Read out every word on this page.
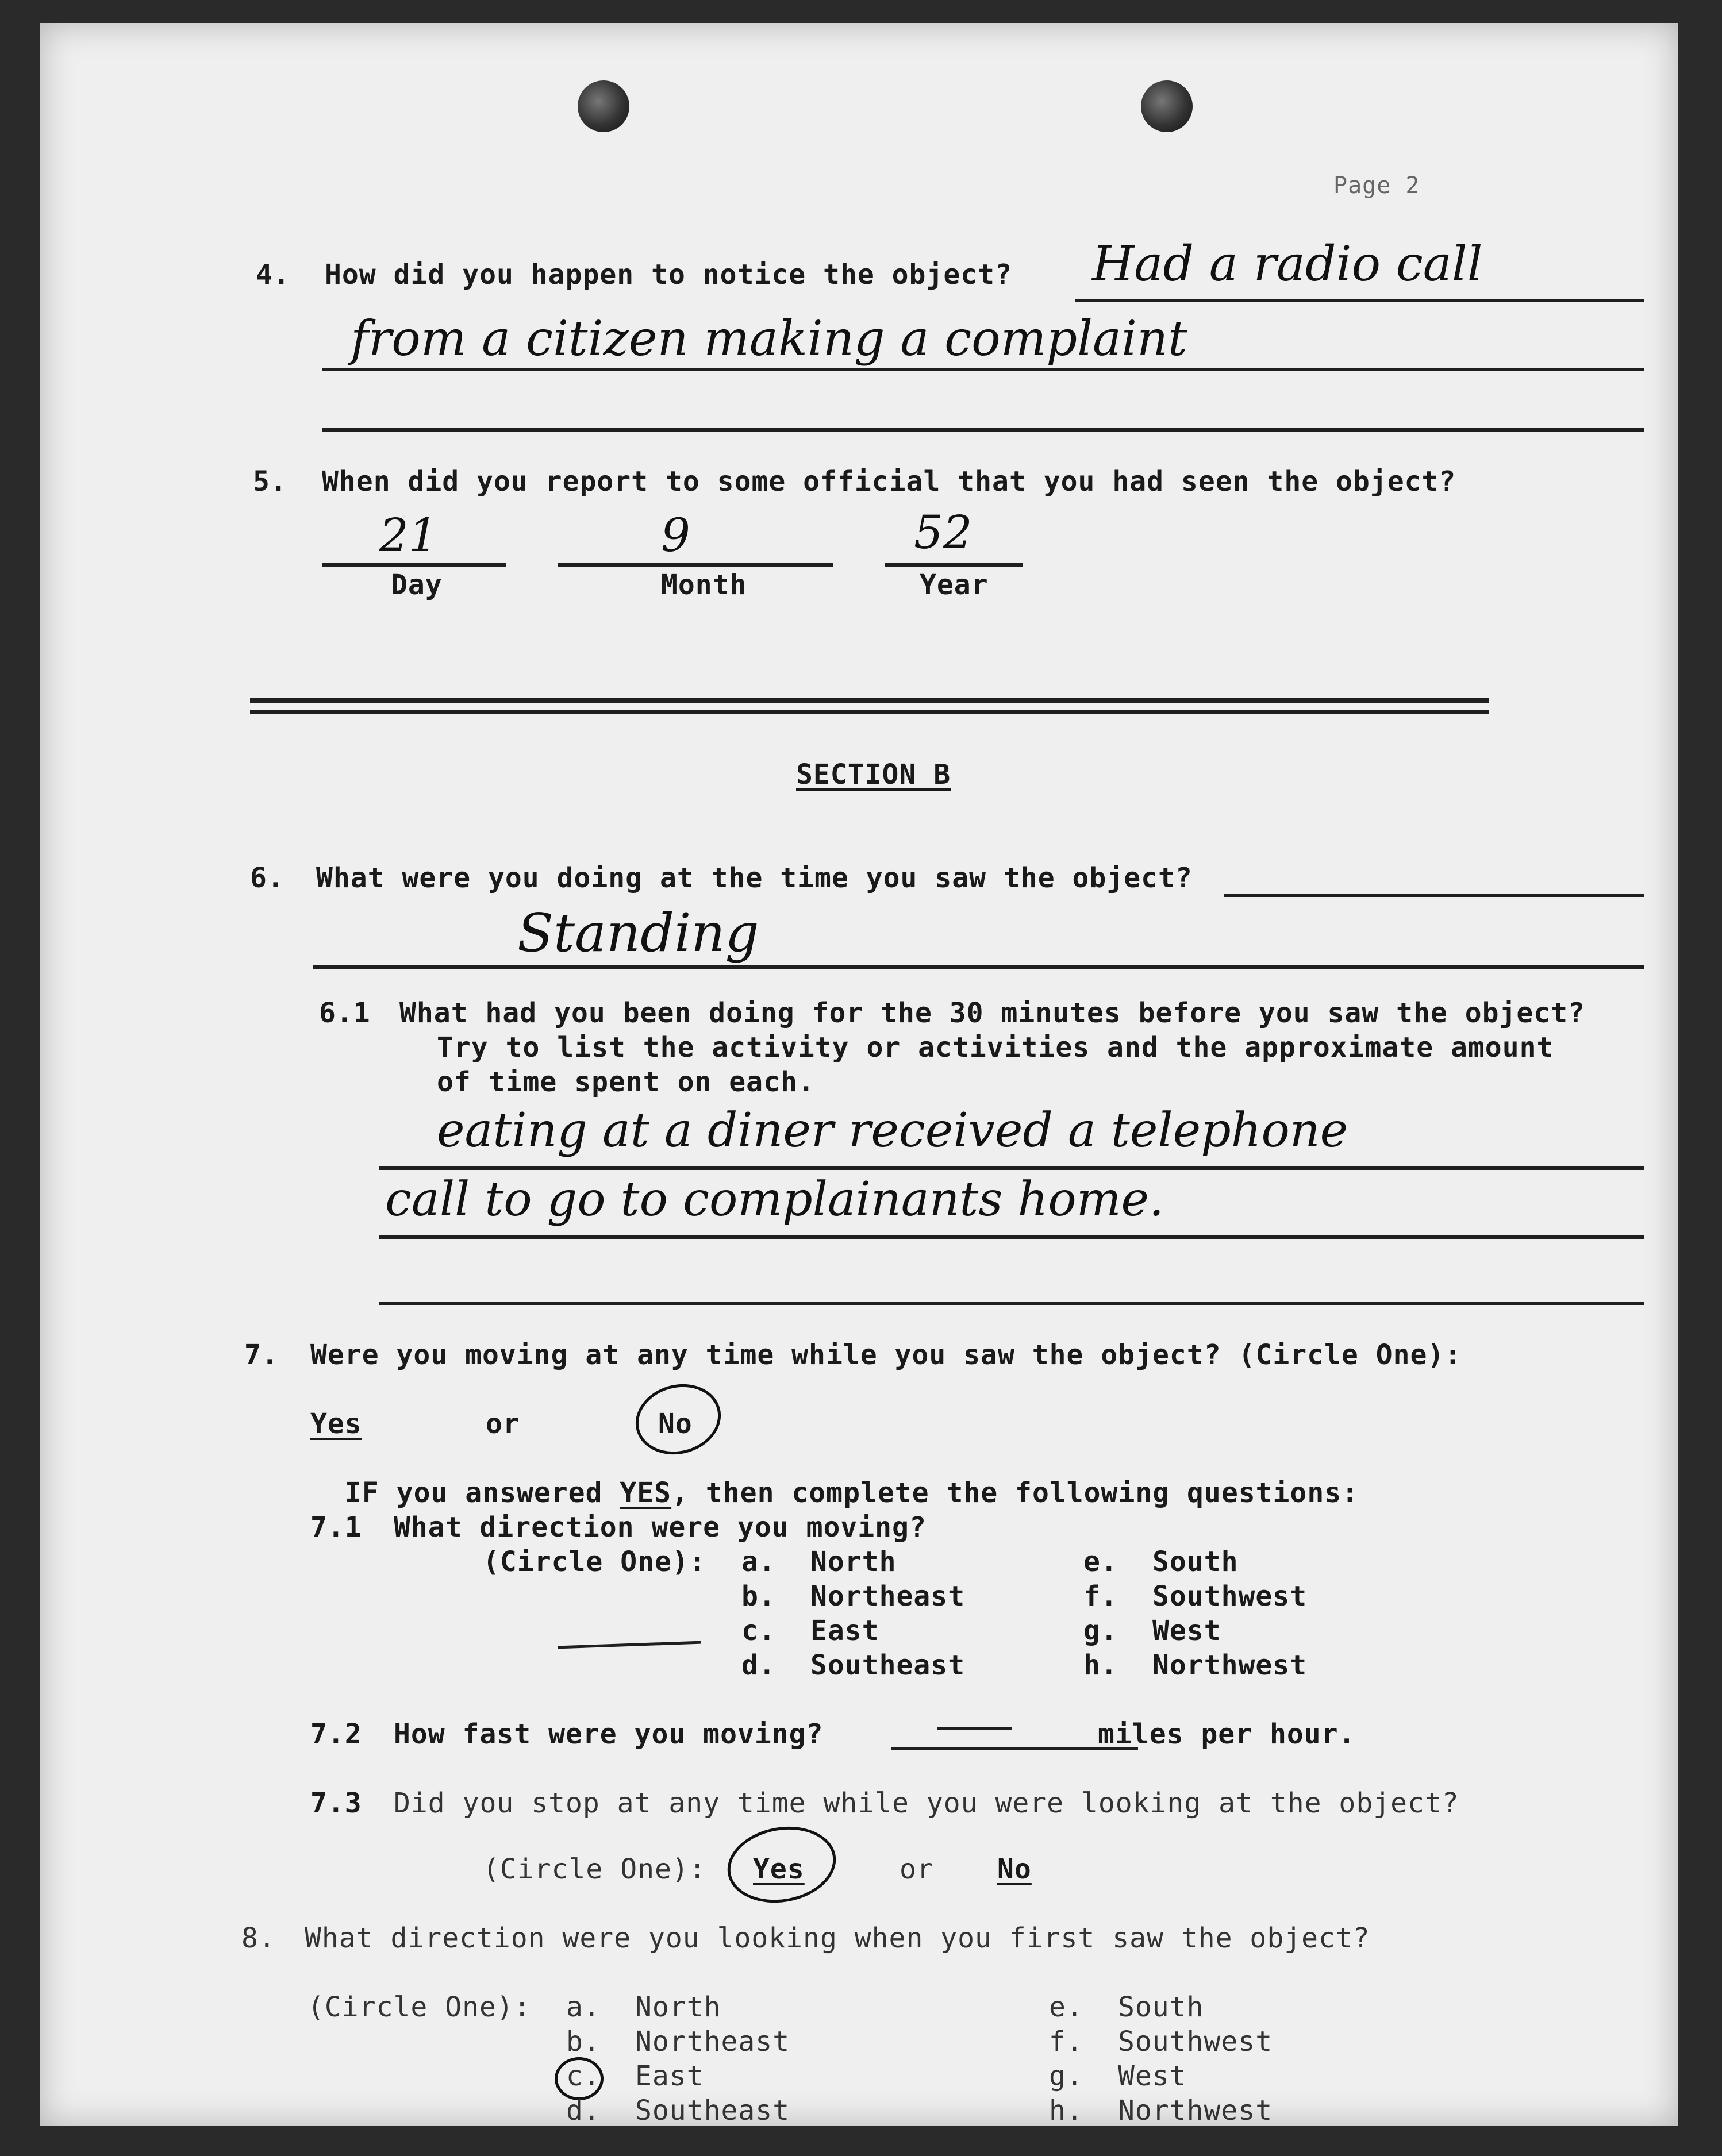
Page 2
4. How did you happen to notice the object? Had a radio call
from a citizen making a complaint
5. When did you report to some official that you had seen the object?
21	9	52
Day	Month	Year
SECTION B
6. What were you doing at the time you saw the object?
Standing
6.1 What had you been doing for the 30 minutes before you saw the object?
Try to list the activity or activities and the approximate amount
of time spent on each.
eating at a diner received a telephone
call to go to complainants home.
7. Were you moving at any time while you saw the object? (Circle One):
Yes	or	No
IF you answered YES, then complete the following questions:
7.1 What direction were you moving?
(Circle One): a. North
b. Northeast
c. East
d. Southeast
e. South
f. Southwest
g. West
h. Northwest
7.2 How fast were you moving?	miles per hour.
7.3 Did you stop at any time while you were looking at the object?
(Circle One): Yes	or No
8. What direction were you looking when you first saw the object?
(Circle One): a. North
b. Northeast
c. East
d. Southeast
e. South
f. Southwest
g. West
h. Northwest
